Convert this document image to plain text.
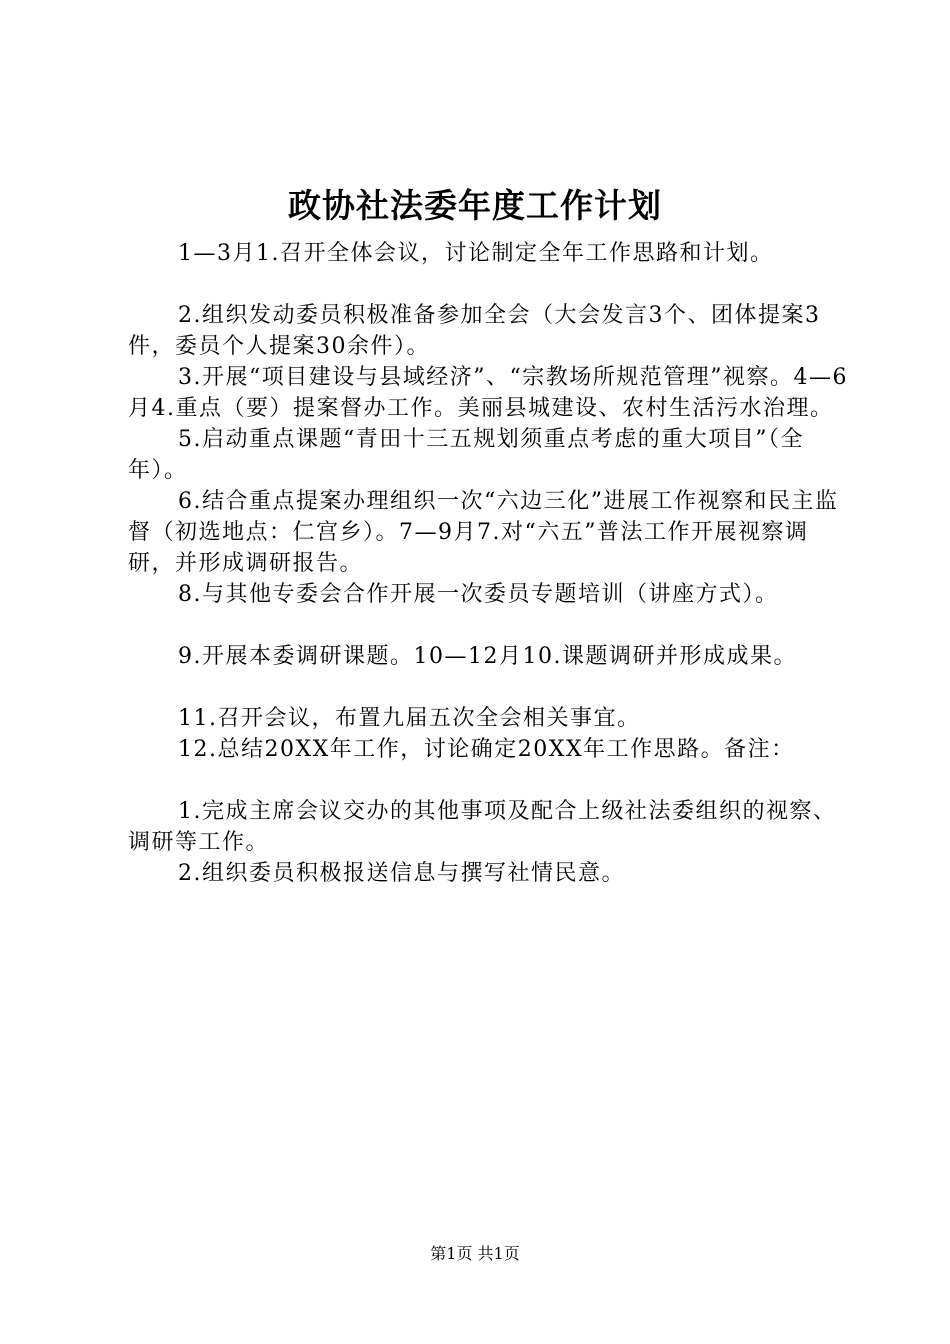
政协社法委年度工作计划

1—3月1.召开全体会议，讨论制定全年工作思路和计划。

2.组织发动委员积极准备参加全会（大会发言3个、团体提案3件，委员个人提案30余件）。

3.开展“项目建设与县域经济”、“宗教场所规范管理”视察。4—6月4.重点（要）提案督办工作。美丽县城建设、农村生活污水治理。

5.启动重点课题“青田十三五规划须重点考虑的重大项目”（全年）。

6.结合重点提案办理组织一次“六边三化”进展工作视察和民主监督（初选地点：仁宫乡）。7—9月7.对“六五”普法工作开展视察调研，并形成调研报告。

8.与其他专委会合作开展一次委员专题培训（讲座方式）。

9.开展本委调研课题。10—12月10.课题调研并形成成果。

11.召开会议，布置九届五次全会相关事宜。

12.总结20XX年工作，讨论确定20XX年工作思路。备注：

1.完成主席会议交办的其他事项及配合上级社法委组织的视察、调研等工作。

2.组织委员积极报送信息与撰写社情民意。

第1页 共1页
